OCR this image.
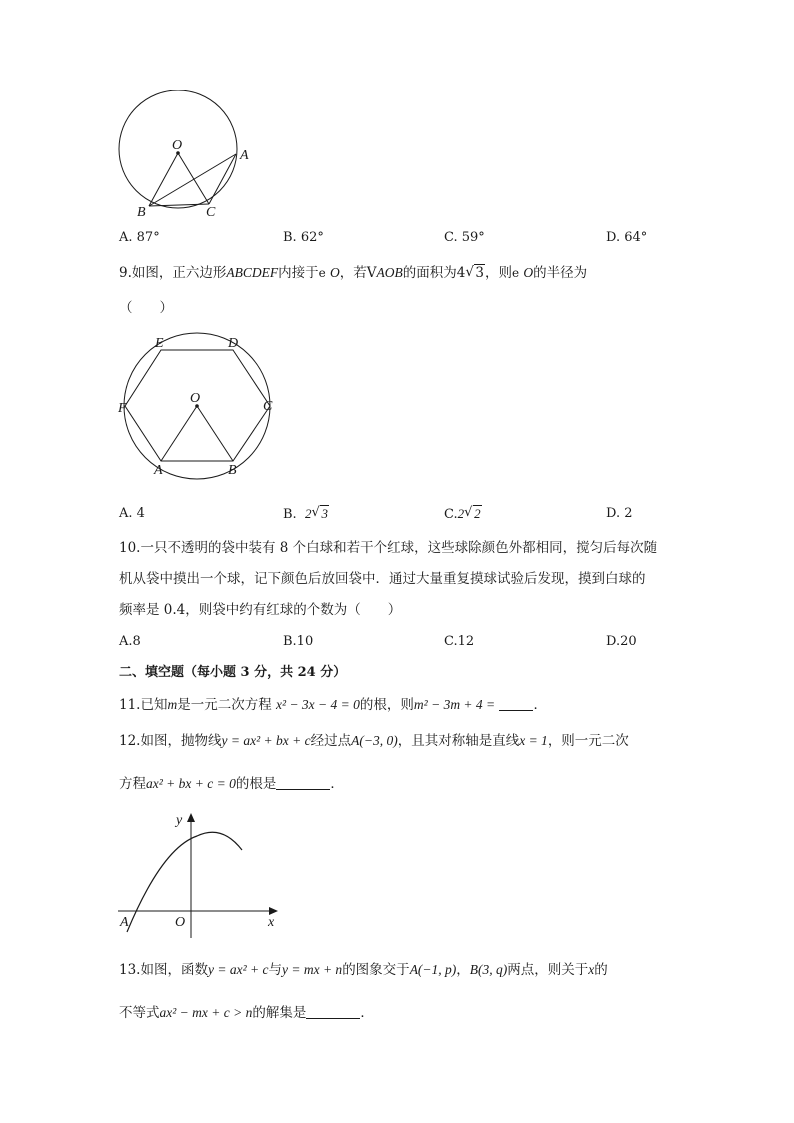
O
A
B	C
A. 87°	B. 62°	C. 59°	D. 64°
9.如图，正六边形ABCDEF内接于e O，若VAOB的面积为4 √ 3，则e O的半径为
（　　）
E	D
F
O
C
A	B
A. 4	B. 2 √ 3	C.2 √ 2	D. 2
10.一只不透明的袋中装有 8 个白球和若干个红球，这些球除颜色外都相同，搅匀后每次随
机从袋中摸出一个球，记下颜色后放回袋中．通过大量重复摸球试验后发现，摸到白球的
频率是 0.4，则袋中约有红球的个数为（　　）
A.8	B.10	C.12	D.20
二、填空题（每小题 3 分，共 24 分）
11.已知m是一元二次方程 x² − 3x − 4 = 0的根，则m² − 3m + 4 =	．
12.如图，抛物线y = ax² + bx + c经过点A(−3, 0)，且其对称轴是直线x = 1，则一元二次
方程ax² + bx + c = 0的根是	．
y
x
A	O
13.如图，函数y = ax² + c与y = mx + n的图象交于A(−1, p)，B(3, q)两点，则关于x的
不等式ax² − mx + c > n的解集是	．
